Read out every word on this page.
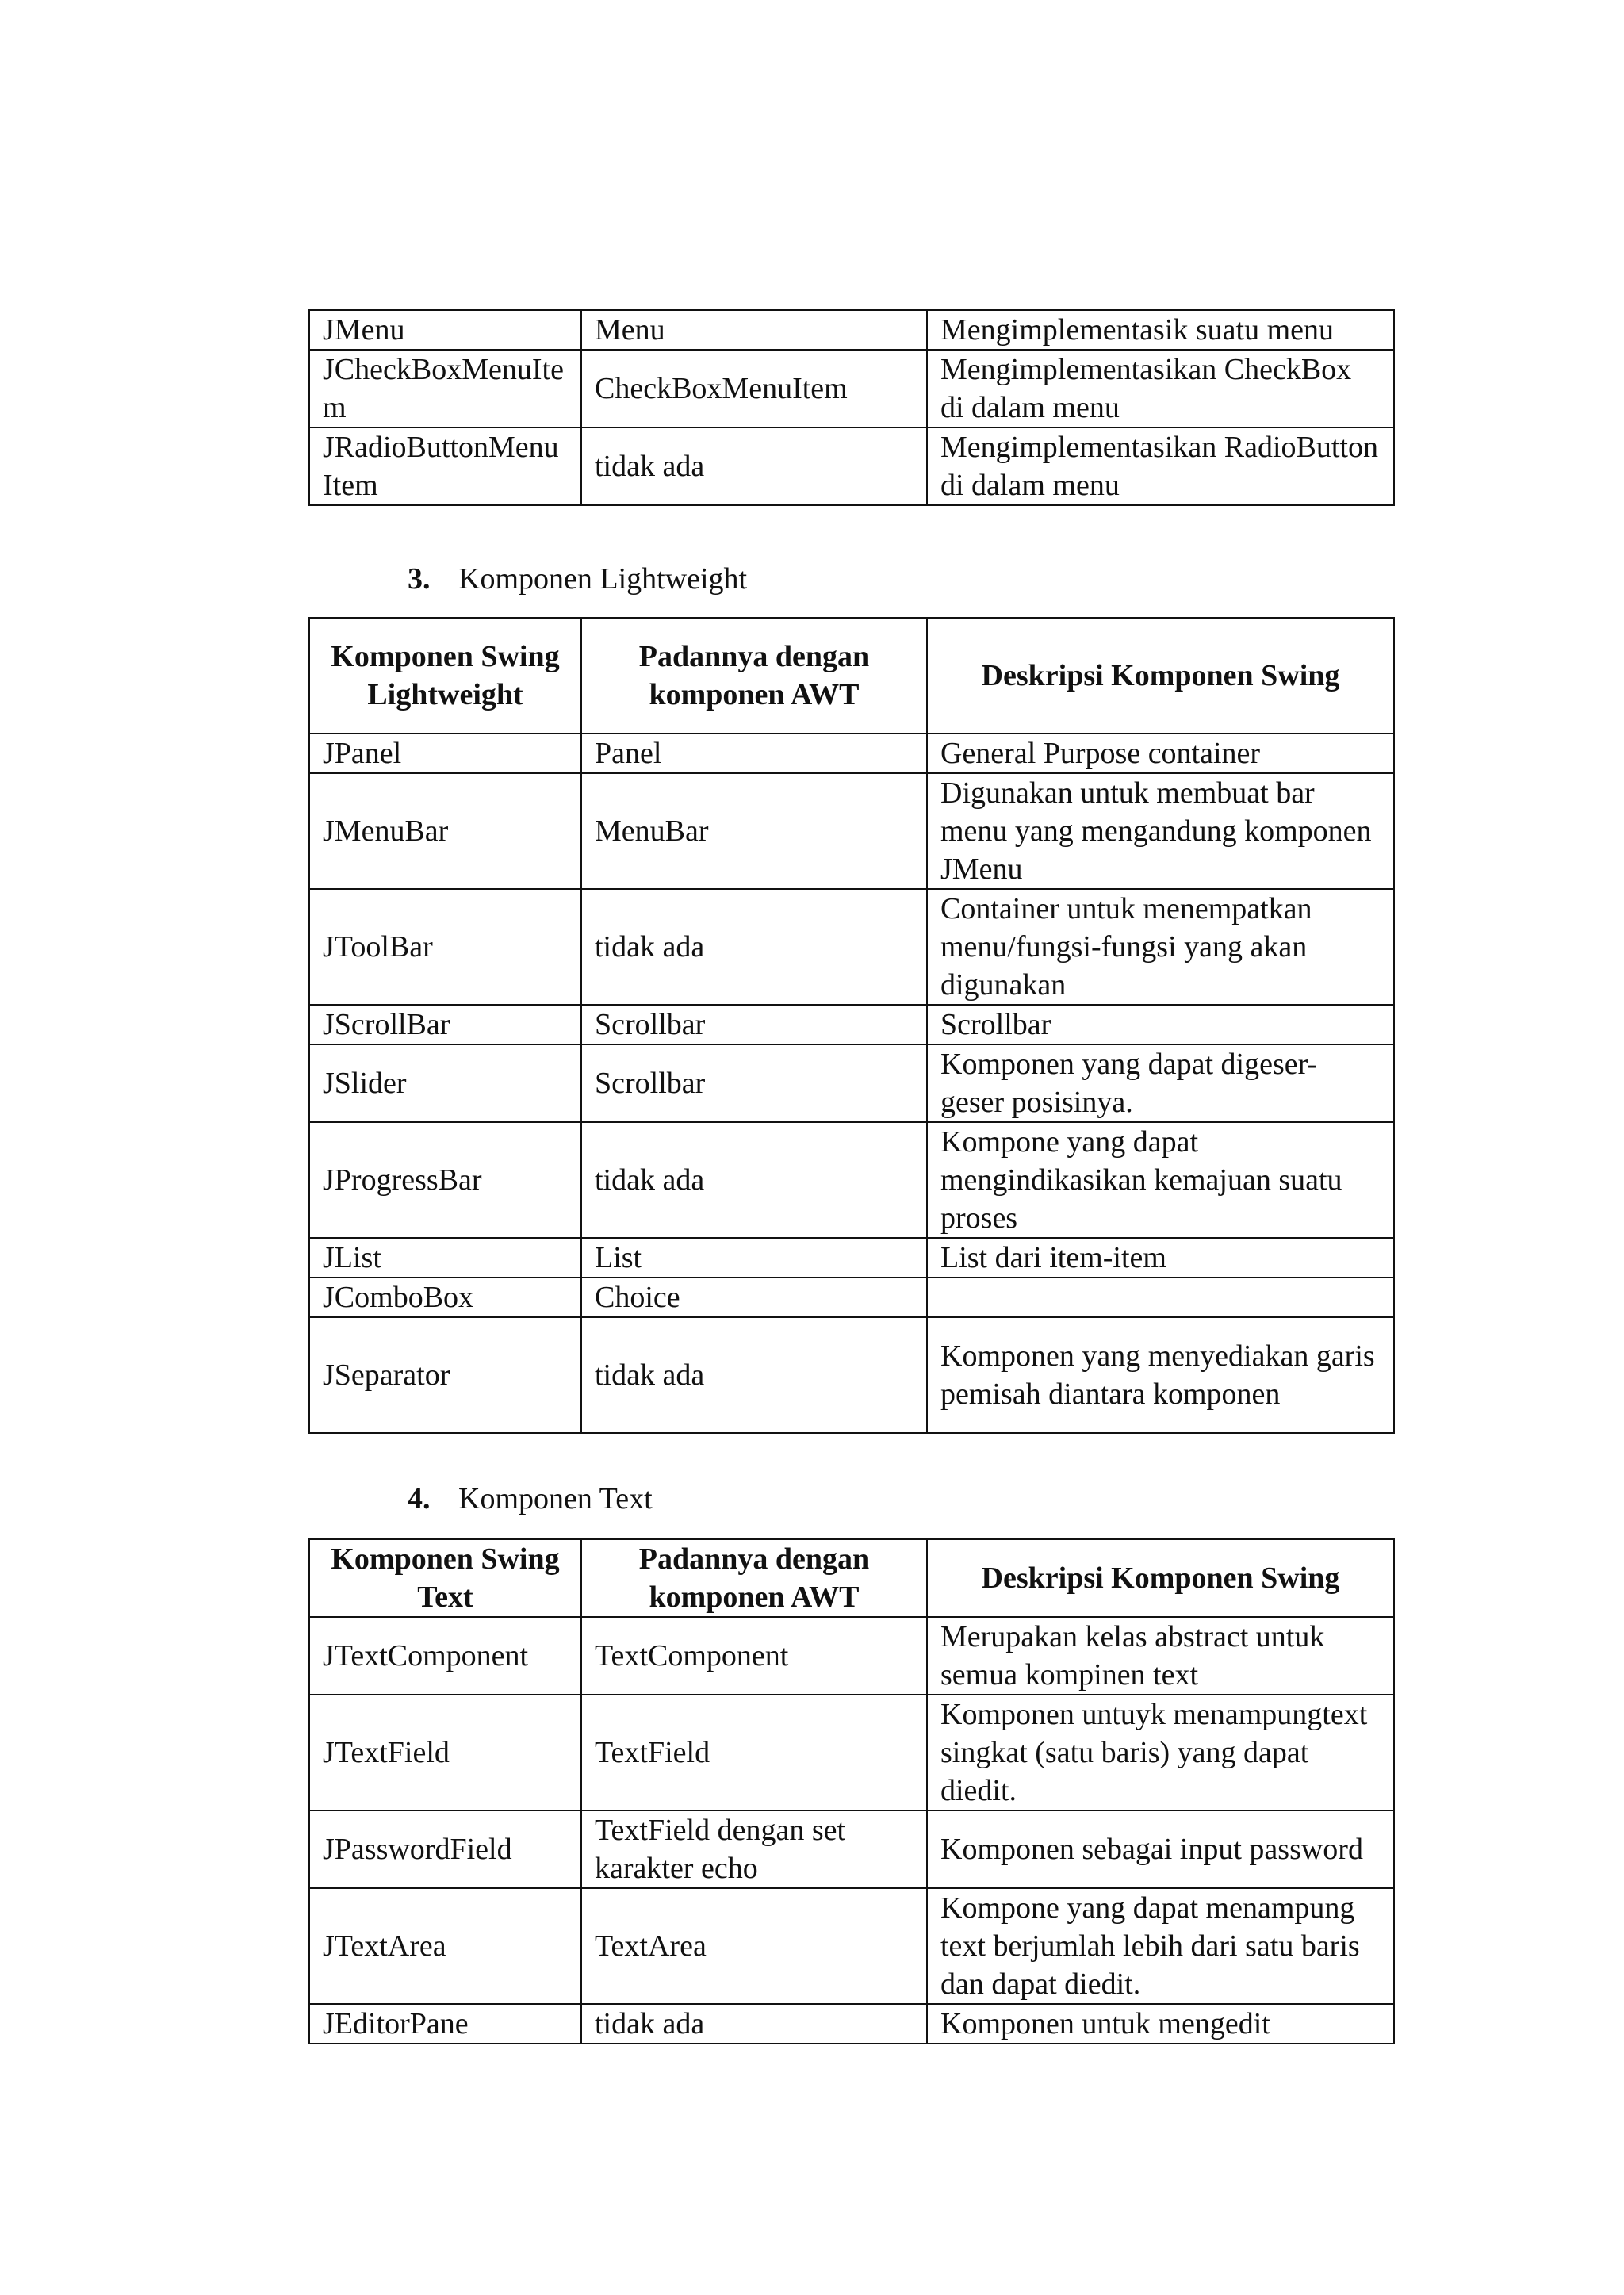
JMenu	Menu	Mengimplementasik suatu menu
JCheckBoxMenuItem	CheckBoxMenuItem	Mengimplementasikan CheckBox di dalam menu
JRadioButtonMenuItem	tidak ada	Mengimplementasikan RadioButton di dalam menu
3. Komponen Lightweight
Komponen Swing Lightweight	Padannya dengan komponen AWT	Deskripsi Komponen Swing
JPanel	Panel	General Purpose container
JMenuBar	MenuBar	Digunakan untuk membuat bar menu yang mengandung komponen JMenu
JToolBar	tidak ada	Container untuk menempatkan menu/fungsi-fungsi yang akan digunakan
JScrollBar	Scrollbar	Scrollbar
JSlider	Scrollbar	Komponen yang dapat digeser-geser posisinya.
JProgressBar	tidak ada	Kompone yang dapat mengindikasikan kemajuan suatu proses
JList	List	List dari item-item
JComboBox	Choice	
JSeparator	tidak ada	Komponen yang menyediakan garis pemisah diantara komponen
4. Komponen Text
Komponen Swing Text	Padannya dengan komponen AWT	Deskripsi Komponen Swing
JTextComponent	TextComponent	Merupakan kelas abstract untuk semua kompinen text
JTextField	TextField	Komponen untuyk menampungtext singkat (satu baris) yang dapat diedit.
JPasswordField	TextField dengan set karakter echo	Komponen sebagai input password
JTextArea	TextArea	Kompone yang dapat menampung text berjumlah lebih dari satu baris dan dapat diedit.
JEditorPane	tidak ada	Komponen untuk mengedit
